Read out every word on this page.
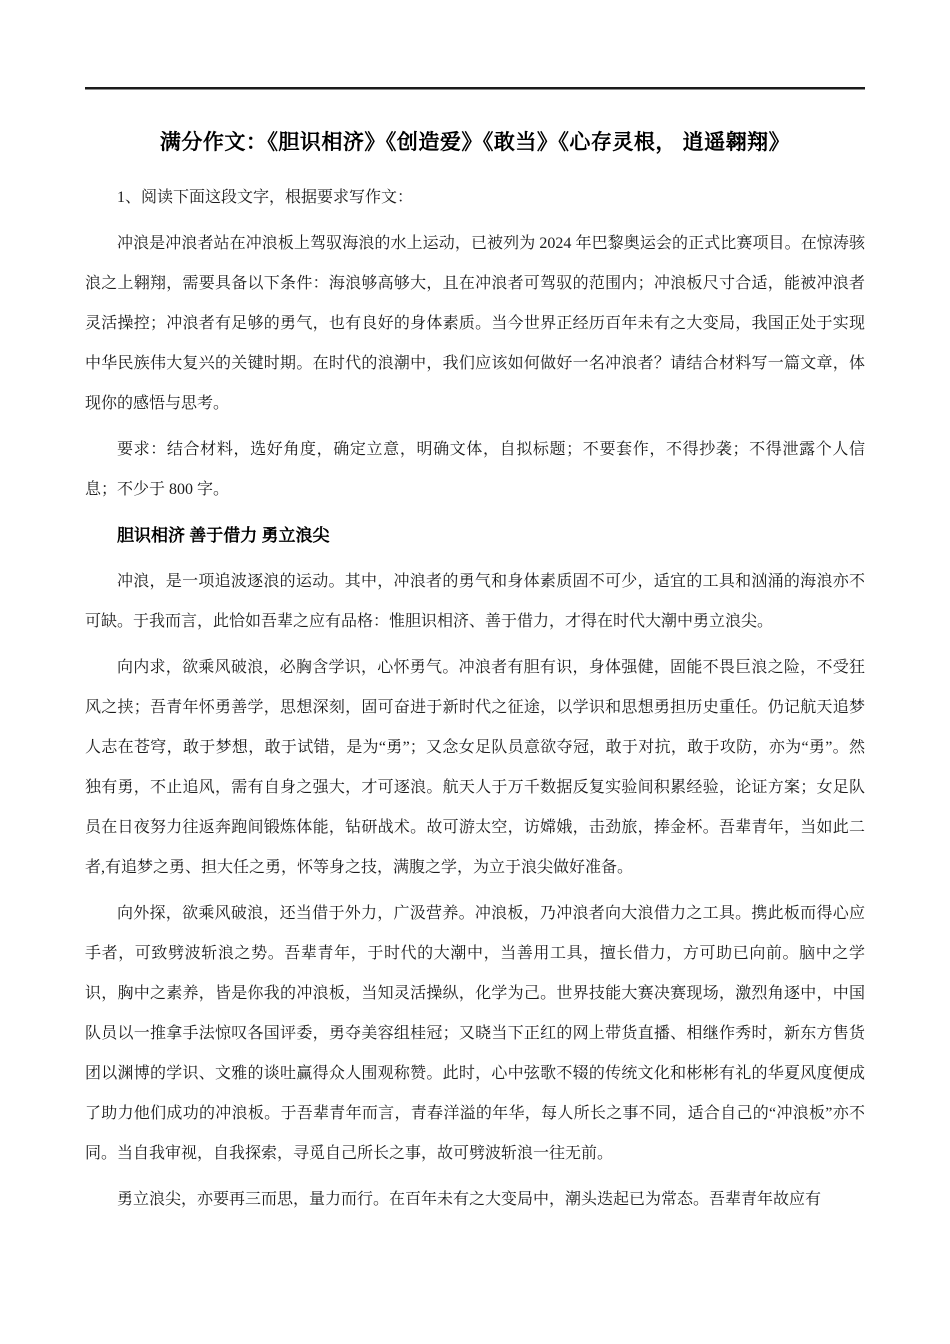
满分作文：《胆识相济》《创造爱》《敢当》《心存灵根， 逍遥翱翔》

1、阅读下面这段文字，根据要求写作文：

冲浪是冲浪者站在冲浪板上驾驭海浪的水上运动，已被列为 2024 年巴黎奥运会的正式比赛项目。在惊涛骇浪之上翱翔，需要具备以下条件：海浪够高够大，且在冲浪者可驾驭的范围内；冲浪板尺寸合适，能被冲浪者灵活操控；冲浪者有足够的勇气，也有良好的身体素质。当今世界正经历百年未有之大变局，我国正处于实现中华民族伟大复兴的关键时期。在时代的浪潮中，我们应该如何做好一名冲浪者？请结合材料写一篇文章，体现你的感悟与思考。

要求：结合材料，选好角度，确定立意，明确文体，自拟标题；不要套作，不得抄袭；不得泄露个人信息；不少于 800 字。

胆识相济 善于借力 勇立浪尖

冲浪，是一项追波逐浪的运动。其中，冲浪者的勇气和身体素质固不可少，适宜的工具和汹涌的海浪亦不可缺。于我而言，此恰如吾辈之应有品格：惟胆识相济、善于借力，才得在时代大潮中勇立浪尖。

向内求，欲乘风破浪，必胸含学识，心怀勇气。冲浪者有胆有识，身体强健，固能不畏巨浪之险，不受狂风之挟；吾青年怀勇善学，思想深刻，固可奋进于新时代之征途，以学识和思想勇担历史重任。仍记航天追梦人志在苍穹，敢于梦想，敢于试错，是为“勇”；又念女足队员意欲夺冠，敢于对抗，敢于攻防，亦为“勇”。然独有勇，不止追风，需有自身之强大，才可逐浪。航天人于万千数据反复实验间积累经验，论证方案；女足队员在日夜努力往返奔跑间锻炼体能，钻研战术。故可游太空，访嫦娥，击劲旅，捧金杯。吾辈青年，当如此二者,有追梦之勇、担大任之勇，怀等身之技，满腹之学，为立于浪尖做好准备。

向外探，欲乘风破浪，还当借于外力，广汲营养。冲浪板，乃冲浪者向大浪借力之工具。携此板而得心应手者，可致劈波斩浪之势。吾辈青年，于时代的大潮中，当善用工具，擅长借力，方可助已向前。脑中之学识，胸中之素养，皆是你我的冲浪板，当知灵活操纵，化学为己。世界技能大赛决赛现场，激烈角逐中，中国队员以一推拿手法惊叹各国评委，勇夺美容组桂冠；又晓当下正红的网上带货直播、相继作秀时，新东方售货团以渊博的学识、文雅的谈吐赢得众人围观称赞。此时，心中弦歌不辍的传统文化和彬彬有礼的华夏风度便成了助力他们成功的冲浪板。于吾辈青年而言，青春洋溢的年华，每人所长之事不同，适合自己的“冲浪板”亦不同。当自我审视，自我探索，寻觅自己所长之事，故可劈波斩浪一往无前。

勇立浪尖，亦要再三而思，量力而行。在百年未有之大变局中，潮头迭起已为常态。吾辈青年故应有
